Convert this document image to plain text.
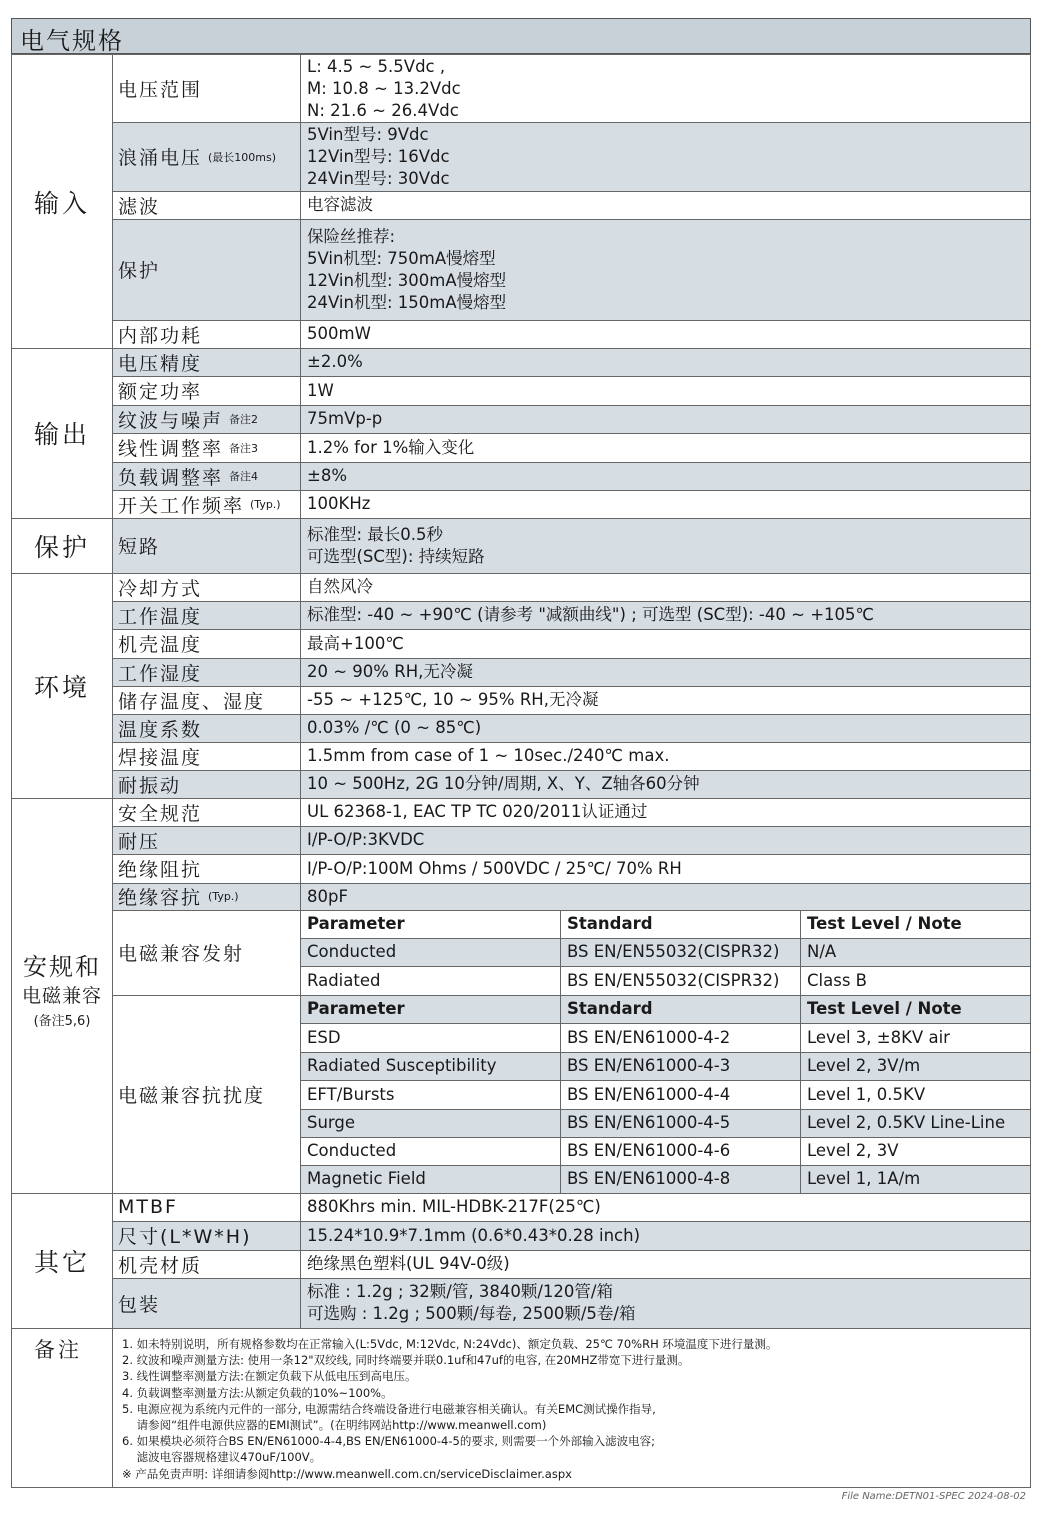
电气规格
输入
电压范围
L: 4.5 ~ 5.5Vdc ,
M: 10.8 ~ 13.2Vdc
N: 21.6 ~ 26.4Vdc
浪涌电压 (最长100ms)
5Vin型号: 9Vdc
12Vin型号: 16Vdc
24Vin型号: 30Vdc
滤波	电容滤波
保护
保险丝推荐:
5Vin机型: 750mA慢熔型
12Vin机型: 300mA慢熔型
24Vin机型: 150mA慢熔型
内部功耗	500mW
输出
电压精度	±2.0%
额定功率	1W
纹波与噪声 备注2	75mVp-p
线性调整率 备注3	1.2% for 1%输入变化
负载调整率 备注4	±8%
开关工作频率 (Typ.)	100KHz
保护	短路
标准型: 最长0.5秒
可选型(SC型): 持续短路
环境
冷却方式	自然风冷
工作温度	标准型: -40 ~ +90℃ (请参考 "减额曲线") ; 可选型 (SC型): -40 ~ +105℃
机壳温度	最高+100℃
工作湿度	20 ~ 90% RH,无冷凝
储存温度、湿度	-55 ~ +125℃, 10 ~ 95% RH,无冷凝
温度系数	0.03% /℃ (0 ~ 85℃)
焊接温度	1.5mm from case of 1 ~ 10sec./240℃ max.
耐振动	10 ~ 500Hz, 2G 10分钟/周期, X、Y、Z轴各60分钟
安规和
电磁兼容
(备注5,6)
安全规范	UL 62368-1, EAC TP TC 020/2011认证通过
耐压	I/P-O/P:3KVDC
绝缘阻抗	I/P-O/P:100M Ohms / 500VDC / 25℃/ 70% RH
绝缘容抗 (Typ.)	80pF
电磁兼容发射
Parameter	Standard	Test Level / Note
Conducted	BS EN/EN55032(CISPR32)	N/A
Radiated	BS EN/EN55032(CISPR32)	Class B
电磁兼容抗扰度
Parameter	Standard	Test Level / Note
ESD	BS EN/EN61000-4-2	Level 3, ±8KV air
Radiated Susceptibility	BS EN/EN61000-4-3	Level 2, 3V/m
EFT/Bursts	BS EN/EN61000-4-4	Level 1, 0.5KV
Surge	BS EN/EN61000-4-5	Level 2, 0.5KV Line-Line
Conducted	BS EN/EN61000-4-6	Level 2, 3V
Magnetic Field	BS EN/EN61000-4-8	Level 1, 1A/m
其它
MTBF	880Khrs min. MIL-HDBK-217F(25℃)
尺寸(L*W*H)	15.24*10.9*7.1mm (0.6*0.43*0.28 inch)
机壳材质	绝缘黑色塑料(UL 94V-0级)
包装
标准 : 1.2g ; 32颗/管, 3840颗/120管/箱
可选购 : 1.2g ; 500颗/每卷, 2500颗/5卷/箱
备注	1. 如未特别说明，所有规格参数均在正常输入(L:5Vdc, M:12Vdc, N:24Vdc)、额定负载、25℃ 70%RH 环境温度下进行量测。
2. 纹波和噪声测量方法: 使用一条12"双绞线, 同时终端要并联0.1uf和47uf的电容, 在20MHZ带宽下进行量测。
3. 线性调整率测量方法:在额定负载下从低电压到高电压。
4. 负载调整率测量方法:从额定负载的10%~100%。
5. 电源应视为系统内元件的一部分, 电源需结合终端设备进行电磁兼容相关确认。有关EMC测试操作指导,
请参阅“组件电源供应器的EMI测试”。(在明纬网站http://www.meanwell.com)
6. 如果模块必须符合BS EN/EN61000-4-4,BS EN/EN61000-4-5的要求, 则需要一个外部输入滤波电容;
滤波电容器规格建议470uF/100V。
※ 产品免责声明: 详细请参阅http://www.meanwell.com.cn/serviceDisclaimer.aspx
File Name:DETN01-SPEC 2024-08-02
